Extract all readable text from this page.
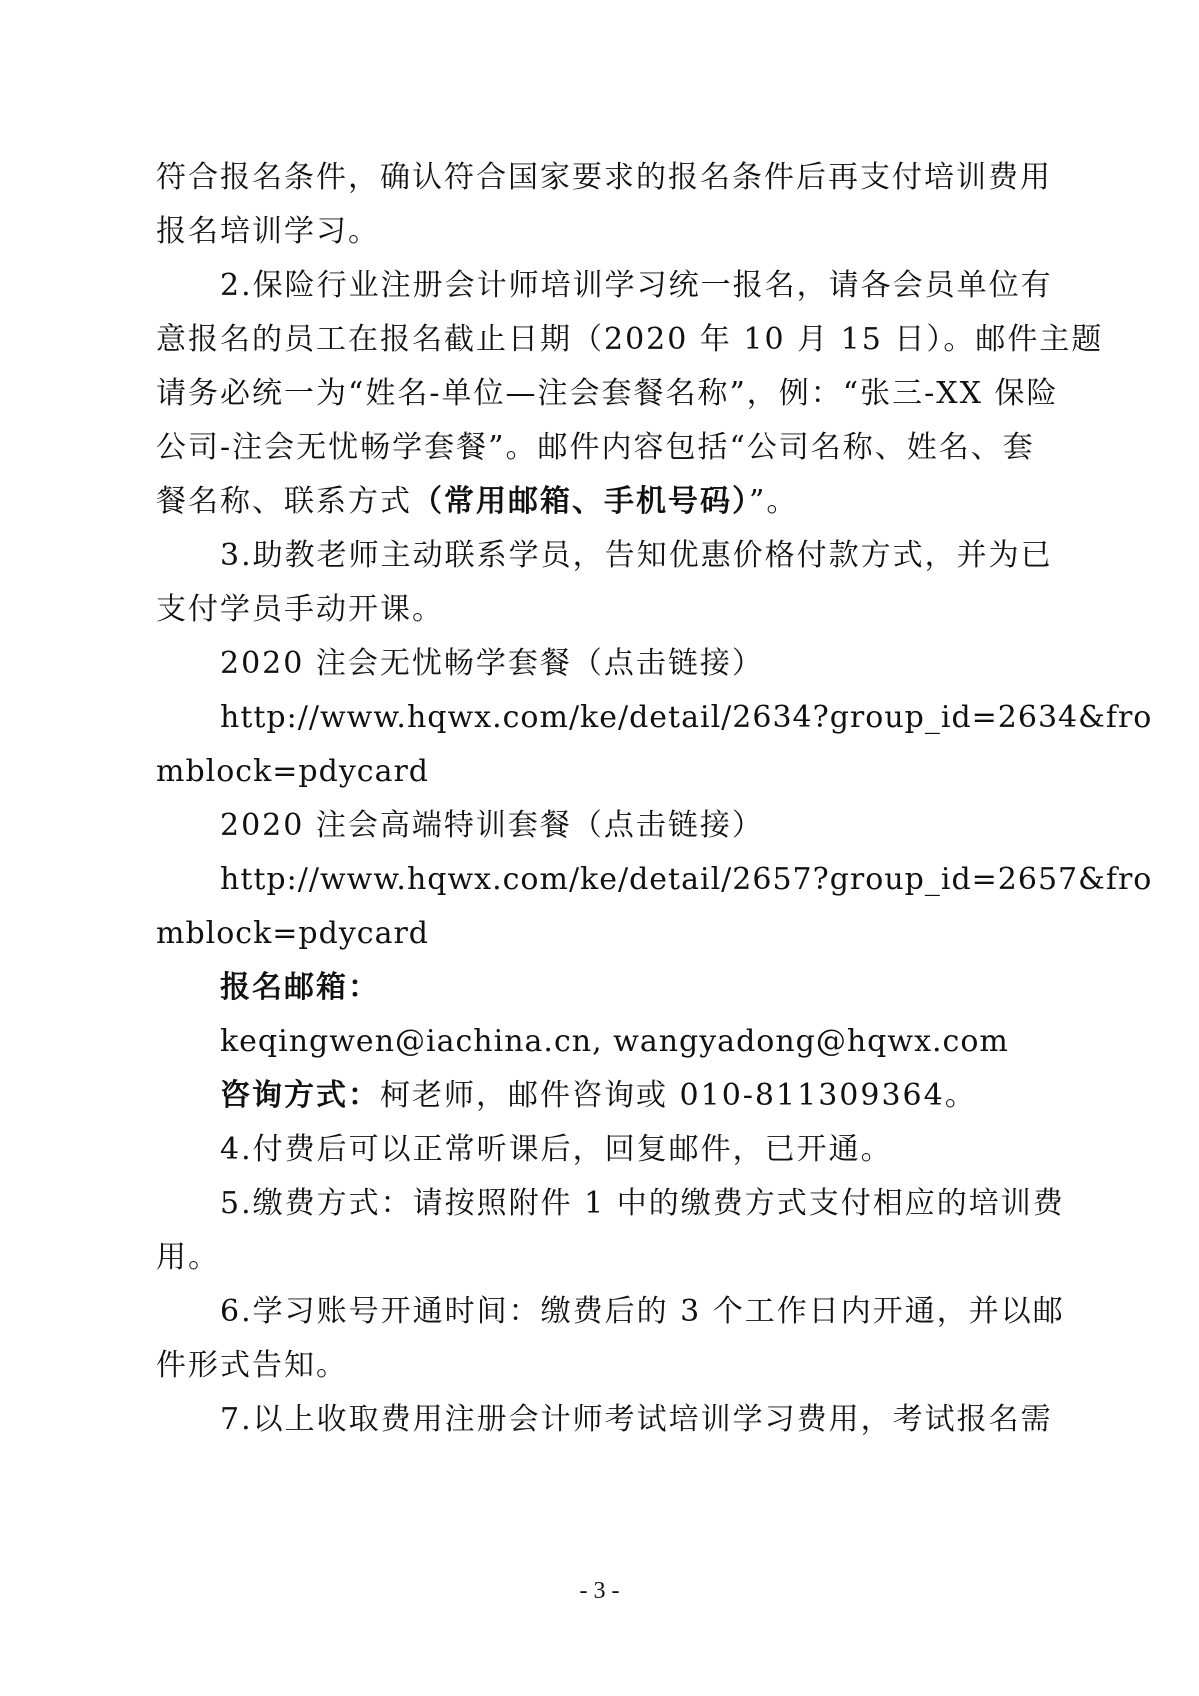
符合报名条件，确认符合国家要求的报名条件后再支付培训费用
报名培训学习。
2.保险行业注册会计师培训学习统一报名，请各会员单位有
意报名的员工在报名截止日期（2020 年 10 月 15 日）。邮件主题
请务必统一为“姓名-单位—注会套餐名称”，例：“张三-XX 保险
公司-注会无忧畅学套餐”。邮件内容包括“公司名称、姓名、套
餐名称、联系方式（常用邮箱、手机号码）”。
3.助教老师主动联系学员，告知优惠价格付款方式，并为已
支付学员手动开课。
2020 注会无忧畅学套餐（点击链接）
http://www.hqwx.com/ke/detail/2634?group_id=2634&fro
mblock=pdycard
2020 注会高端特训套餐（点击链接）
http://www.hqwx.com/ke/detail/2657?group_id=2657&fro
mblock=pdycard
报名邮箱：
keqingwen@iachina.cn, wangyadong@hqwx.com
咨询方式：柯老师，邮件咨询或 010-811309364。
4.付费后可以正常听课后，回复邮件，已开通。
5.缴费方式：请按照附件 1 中的缴费方式支付相应的培训费
用。
6.学习账号开通时间：缴费后的 3 个工作日内开通，并以邮
件形式告知。
7.以上收取费用注册会计师考试培训学习费用，考试报名需
- 3 -
